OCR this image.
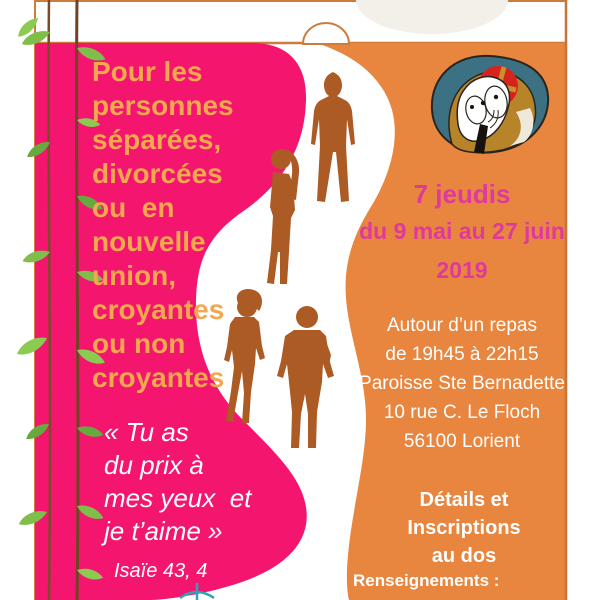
Pour les
personnes
séparées,
divorcées
ou  en
nouvelle
union,
croyantes
ou non
croyantes
« Tu as
du prix à
mes yeux  et
je t’aime »
Isaïe 43, 4
7 jeudis
du 9 mai au 27 juin
2019
Autour d’un repas
de 19h45 à 22h15
Paroisse Ste Bernadette
10 rue C. Le Floch
56100 Lorient
Détails et
Inscriptions
au dos
Renseignements :
